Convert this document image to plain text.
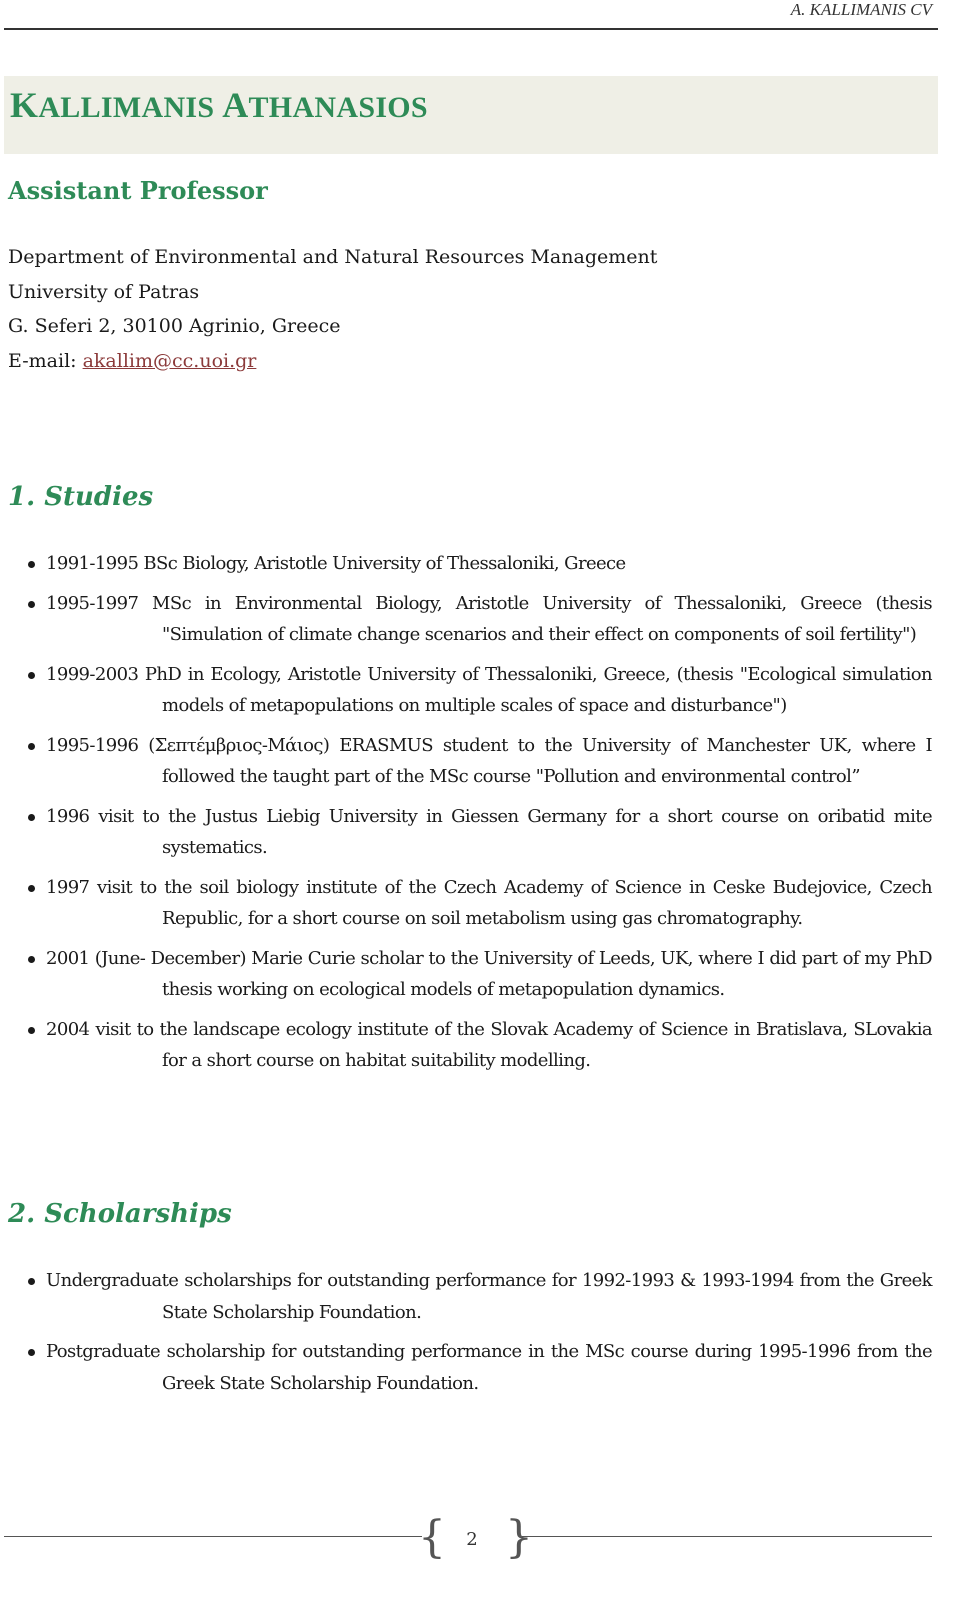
A. KALLIMANIS CV
KALLIMANIS ATHANASIOS
Assistant Professor
Department of Environmental and Natural Resources Management
University of Patras
G. Seferi 2, 30100 Agrinio, Greece
E-mail: akallim@cc.uoi.gr
1. Studies
1991-1995 BSc Biology, Aristotle University of Thessaloniki, Greece
1995-1997 MSc in Environmental Biology, Aristotle University of Thessaloniki, Greece (thesis "Simulation of climate change scenarios and their effect on components of soil fertility")
1999-2003 PhD in Ecology, Aristotle University of Thessaloniki, Greece, (thesis "Ecological simulation models of metapopulations on multiple scales of space and disturbance")
1995-1996 (Σεπτέμβριος-Μάιος) ERASMUS student to the University of Manchester UK, where I followed the taught part of the MSc course "Pollution and environmental control”
1996 visit to the Justus Liebig University in Giessen Germany for a short course on oribatid mite systematics.
1997 visit to the soil biology institute of the Czech Academy of Science in Ceske Budejovice, Czech Republic, for a short course on soil metabolism using gas chromatography.
2001 (June- December) Marie Curie scholar to the University of Leeds, UK, where I did part of my PhD thesis working on ecological models of metapopulation dynamics.
2004 visit to the landscape ecology institute of the Slovak Academy of Science in Bratislava, SLovakia for a short course on habitat suitability modelling.
2. Scholarships
Undergraduate scholarships for outstanding performance for 1992-1993 & 1993-1994 from the Greek State Scholarship Foundation.
Postgraduate scholarship for outstanding performance in the MSc course during 1995-1996 from the Greek State Scholarship Foundation.
{ }
2
